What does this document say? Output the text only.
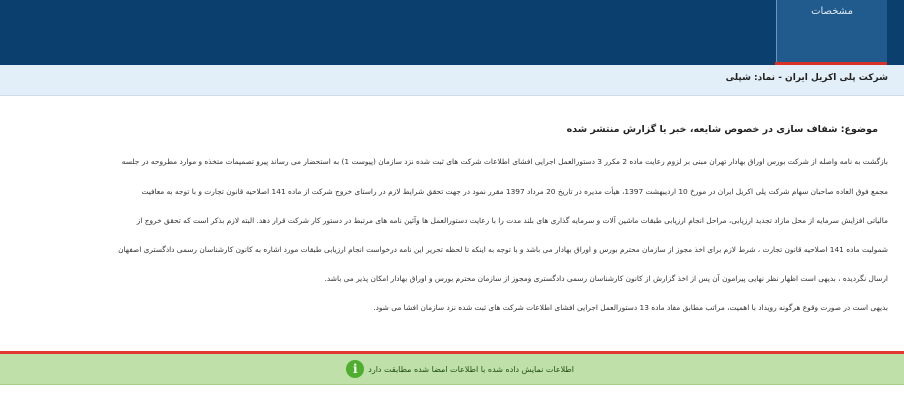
مشخصات
شرکت پلی اکریل ایران - نماد: شپلی
موضوع: شفاف سازی در خصوص شایعه، خبر یا گزارش منتشر شده
بازگشت به نامه واصله از شرکت بورس اوراق بهادار تهران مبنی بر لزوم رعایت ماده 2 مکرر 3 دستورالعمل اجرایی افشای اطلاعات شرکت های ثبت شده نزد سازمان (پیوست 1) به استحضار می رساند پیرو تصمیمات متخذه و موارد مطروحه در جلسه
مجمع فوق العاده صاحبان سهام شرکت پلی اکریل ایران در مورخ 10 اردیبهشت 1397، هیأت مدیره در تاریخ 20 مرداد 1397 مقرر نمود در جهت تحقق شرایط لازم در راستای خروج شرکت از ماده 141 اصلاحیه قانون تجارت و با توجه به معافیت
مالیاتی افزایش سرمایه از محل مازاد تجدید ارزیابی، مراحل انجام ارزیابی طبقات ماشین آلات و سرمایه گذاری های بلند مدت را با رعایت دستورالعمل ها وآئین نامه های مرتبط در دستور کار شرکت قرار دهد. البته لازم بذکر است که تحقق خروج از
شمولیت ماده 141 اصلاحیه قانون تجارت ، شرط لازم برای اخذ مجوز از سازمان محترم بورس و اوراق بهادار می باشد و با توجه به اینکه تا لحظه تحریر این نامه درخواست انجام ارزیابی طبقات مورد اشاره به کانون کارشناسان رسمی دادگستری اصفهان
ارسال نگردیده ، بدیهی است اظهار نظر نهایی پیرامون آن پس از اخذ گزارش از کانون کارشناسان رسمی دادگستری ومجوز از سازمان محترم بورس و اوراق بهادار امکان پذیر می باشد.
بدیهی است در صورت وقوع هرگونه رویداد با اهمیت، مراتب مطابق مفاد ماده 13 دستورالعمل اجرایی افشای اطلاعات شرکت های ثبت شده نزد سازمان افشا می شود.
i	اطلاعات نمایش داده شده با اطلاعات امضا شده مطابقت دارد
